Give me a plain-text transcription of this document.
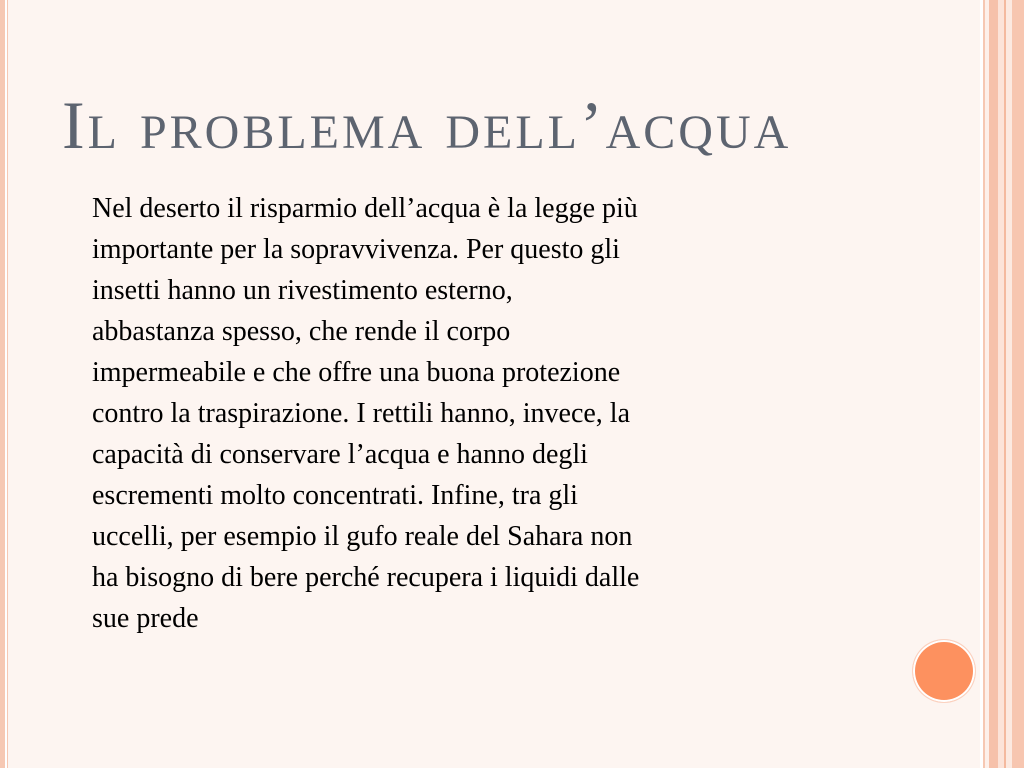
Il problema dell’acqua

Nel deserto il risparmio dell’acqua è la legge più
importante per la sopravvivenza. Per questo gli
insetti hanno un rivestimento esterno,
abbastanza spesso, che rende il corpo
impermeabile e che offre una buona protezione
contro la traspirazione. I rettili hanno, invece, la
capacità di conservare l’acqua e hanno degli
escrementi molto concentrati. Infine, tra gli
uccelli, per esempio il gufo reale del Sahara non
ha bisogno di bere perché recupera i liquidi dalle
sue prede
